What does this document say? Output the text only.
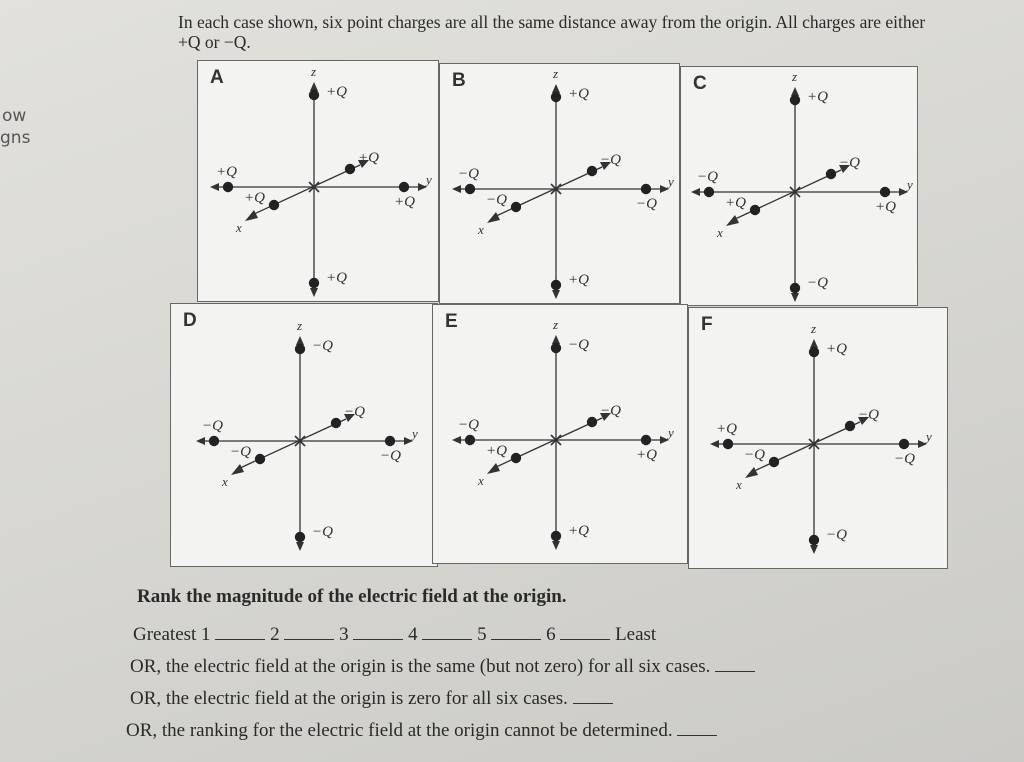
ow
gns

In each case shown, six point charges are all the same distance away from the origin. All charges are either +Q or −Q.

A
+Q
+Q
+Q
+Q
+Q
+Q
z
y
x
B
+Q
+Q
−Q
−Q
−Q
−Q
z
y
x
C
+Q
−Q
+Q
−Q
−Q
+Q
z
y
x
D
−Q
−Q
−Q
−Q
−Q
−Q
z
y
x
E
−Q
+Q
+Q
−Q
−Q
+Q
z
y
x
F
+Q
−Q
−Q
+Q
−Q
−Q
z
y
x

Rank the magnitude of the electric field at the origin.

Greatest 1	2	3	4	5	6	Least
OR, the electric field at the origin is the same (but not zero) for all six cases.
OR, the electric field at the origin is zero for all six cases.
OR, the ranking for the electric field at the origin cannot be determined.
